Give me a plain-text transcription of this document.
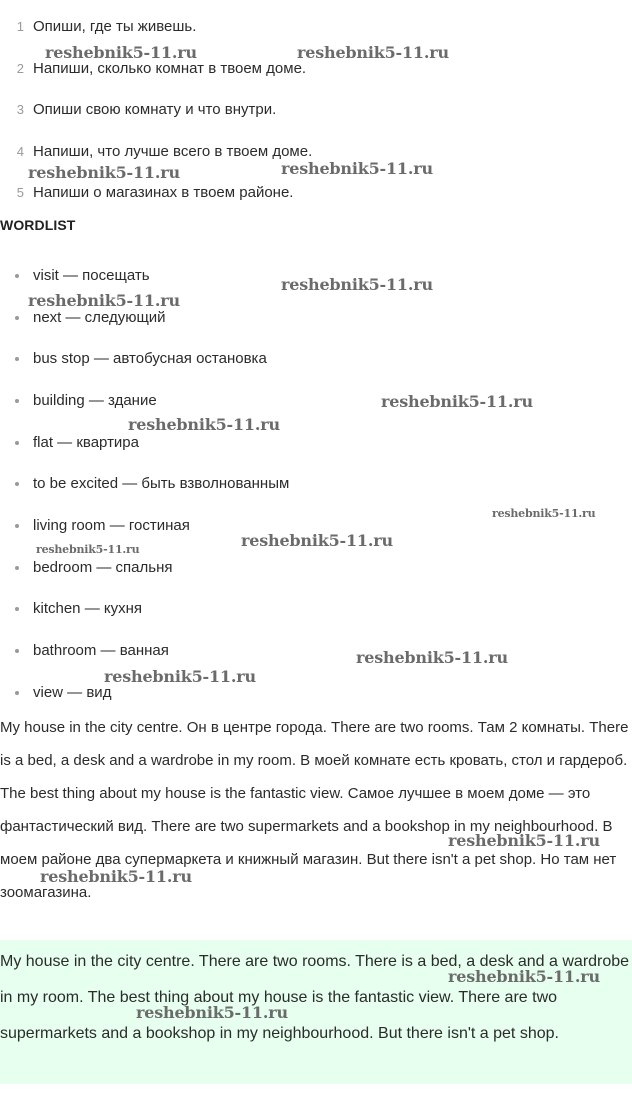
1 Опиши, где ты живешь.
2 Напиши, сколько комнат в твоем доме.
3 Опиши свою комнату и что внутри.
4 Напиши, что лучше всего в твоем доме.
5 Напиши о магазинах в твоем районе.
WORDLIST
visit — посещать
next — следующий
bus stop — автобусная остановка
building — здание
flat — квартира
to be excited — быть взволнованным
living room — гостиная
bedroom — спальня
kitchen — кухня
bathroom — ванная
view — вид

My house in the city centre. Он в центре города. There are two rooms. Там 2 комнаты. There is a bed, a desk and a wardrobe in my room. В моей комнате есть кровать, стол и гардероб. The best thing about my house is the fantastic view. Самое лучшее в моем доме — это фантастический вид. There are two supermarkets and a bookshop in my neighbourhood. В моем районе два супермаркета и книжный магазин. But there isn't a pet shop. Но там нет зоомагазина.

My house in the city centre. There are two rooms. There is a bed, a desk and a wardrobe in my room. The best thing about my house is the fantastic view. There are two supermarkets and a bookshop in my neighbourhood. But there isn't a pet shop.
reshebnik5-11.ru	reshebnik5-11.ru
reshebnik5-11.ru	reshebnik5-11.ru
reshebnik5-11.ru
reshebnik5-11.ru
reshebnik5-11.ru
reshebnik5-11.ru
reshebnik5-11.ru
reshebnik5-11.ru
reshebnik5-11.ru
reshebnik5-11.ru
reshebnik5-11.ru
reshebnik5-11.ru
reshebnik5-11.ru
reshebnik5-11.ru
reshebnik5-11.ru
